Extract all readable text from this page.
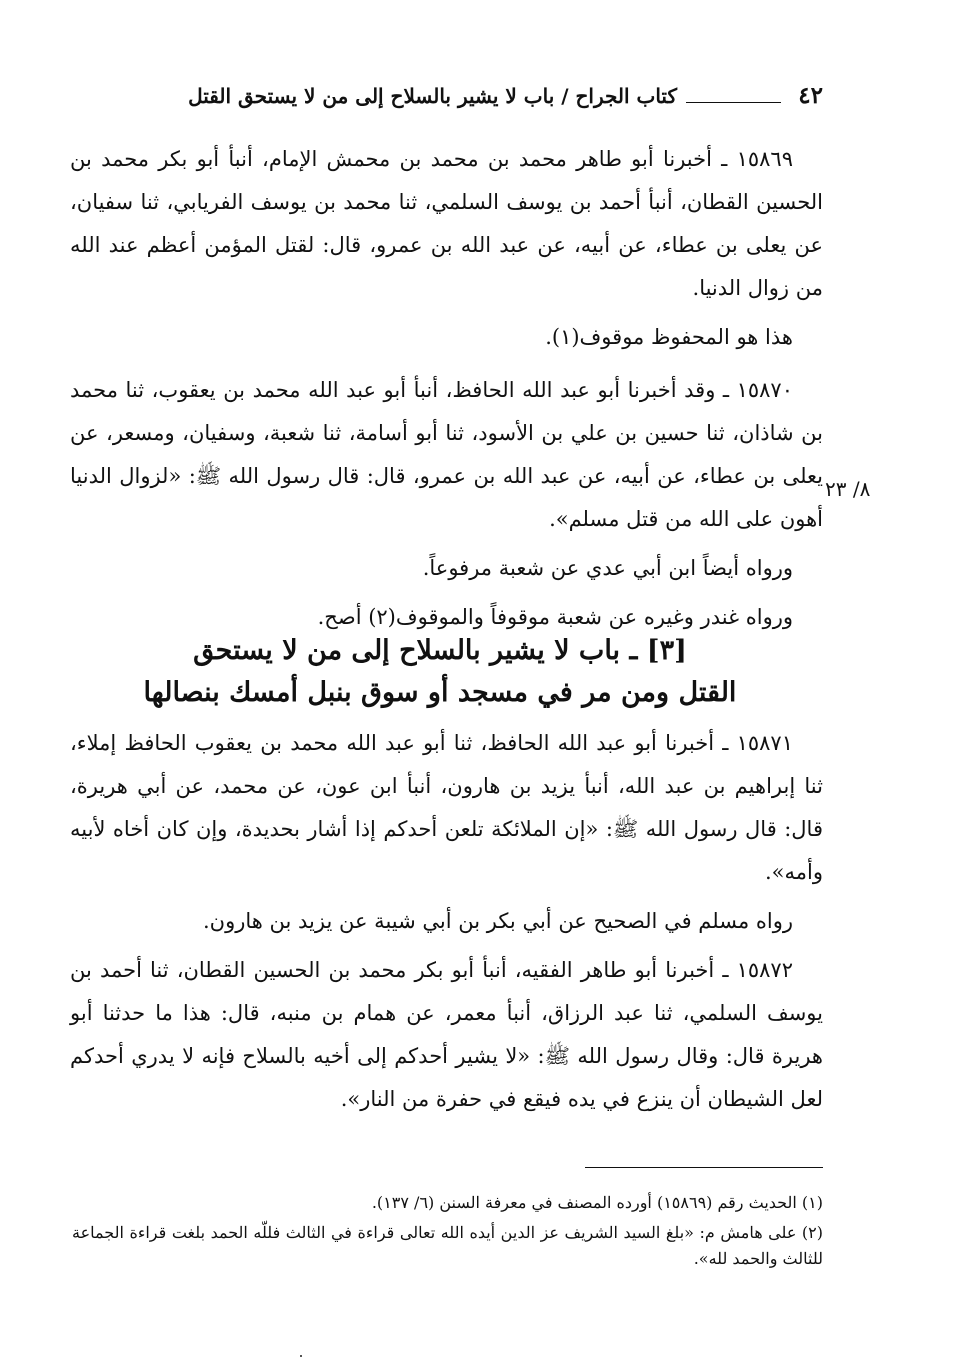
٤٢
كتاب الجراح / باب لا يشير بالسلاح إلى من لا يستحق القتل

١٥٨٦٩ ـ أخبرنا أبو طاهر محمد بن محمد بن محمش الإمام، أنبأ أبو بكر محمد بن الحسين القطان، أنبأ أحمد بن يوسف السلمي، ثنا محمد بن يوسف الفريابي، ثنا سفيان، عن يعلى بن عطاء، عن أبيه، عن عبد الله بن عمرو، قال: لقتل المؤمن أعظم عند الله من زوال الدنيا.

هذا هو المحفوظ موقوف(١).

١٥٨٧٠ ـ وقد أخبرنا أبو عبد الله الحافظ، أنبأ أبو عبد الله محمد بن يعقوب، ثنا محمد بن شاذان، ثنا حسين بن علي بن الأسود، ثنا أبو أسامة، ثنا شعبة، وسفيان، ومسعر، عن يعلى بن عطاء، عن أبيه، عن عبد الله بن عمرو، قال: قال رسول الله ﷺ: «لزوال الدنيا أهون على الله من قتل مسلم».

ورواه أيضاً ابن أبي عدي عن شعبة مرفوعاً.

ورواه غندر وغيره عن شعبة موقوفاً والموقوف(٢) أصح.

٨/ ٢٣
[٣] ـ باب لا يشير بالسلاح إلى من لا يستحق
القتل ومن مر في مسجد أو سوق بنبل أمسك بنصالها

١٥٨٧١ ـ أخبرنا أبو عبد الله الحافظ، ثنا أبو عبد الله محمد بن يعقوب الحافظ إملاء، ثنا إبراهيم بن عبد الله، أنبأ يزيد بن هارون، أنبأ ابن عون، عن محمد، عن أبي هريرة، قال: قال رسول الله ﷺ: «إن الملائكة تلعن أحدكم إذا أشار بحديدة، وإن كان أخاه لأبيه وأمه».

رواه مسلم في الصحيح عن أبي بكر بن أبي شيبة عن يزيد بن هارون.

١٥٨٧٢ ـ أخبرنا أبو طاهر الفقيه، أنبأ أبو بكر محمد بن الحسين القطان، ثنا أحمد بن يوسف السلمي، ثنا عبد الرزاق، أنبأ معمر، عن همام بن منبه، قال: هذا ما حدثنا أبو هريرة قال: وقال رسول الله ﷺ: «لا يشير أحدكم إلى أخيه بالسلاح فإنه لا يدري أحدكم لعل الشيطان أن ينزع في يده فيقع في حفرة من النار».

(١) الحديث رقم (١٥٨٦٩) أورده المصنف في معرفة السنن (٦/ ١٣٧).

(٢) على هامش م: «بلغ السيد الشريف عز الدين أيده الله تعالى قراءة في الثالث فللّه الحمد بلغت قراءة الجماعة للثالث والحمد لله».
